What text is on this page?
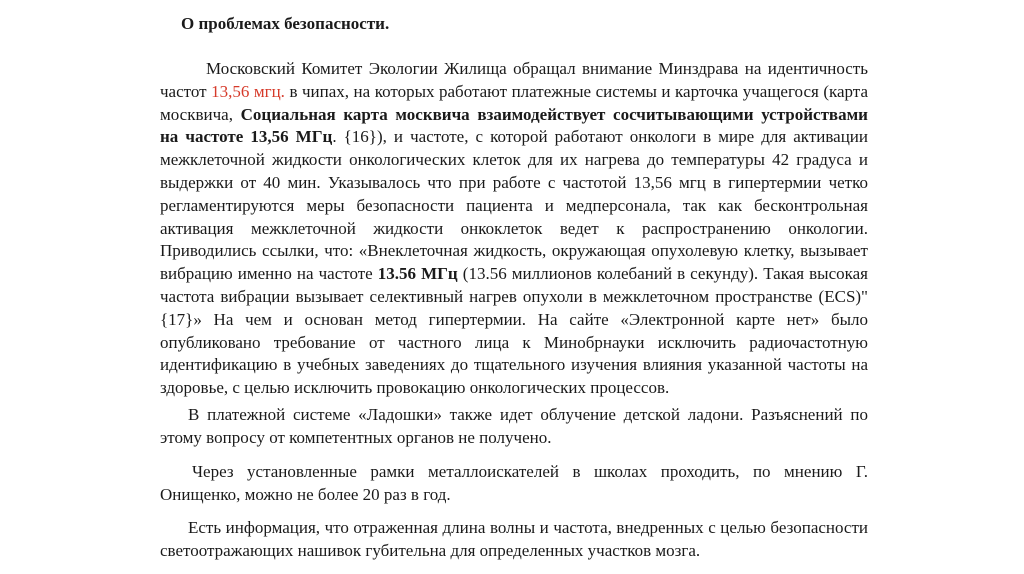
О проблемах безопасности.

Московский Комитет Экологии Жилища обращал внимание Минздрава на идентичность частот 13,56 мгц. в чипах, на которых работают платежные системы и карточка учащегося (карта москвича, Социальная карта москвича взаимодействует сосчитывающими устройствами на частоте 13,56 МГц. {16}), и частоте, с которой работают онкологи в мире для активации межклеточной жидкости онкологических клеток для их нагрева до температуры 42 градуса и выдержки от 40 мин. Указывалось что при работе с частотой 13,56 мгц в гипертермии четко регламентируются меры безопасности пациента и медперсонала, так как бесконтрольная активация межклеточной жидкости онкоклеток ведет к распространению онкологии. Приводились ссылки, что: «Внеклеточная жидкость, окружающая опухолевую клетку, вызывает вибрацию именно на частоте 13.56 МГц (13.56 миллионов колебаний в секунду). Такая высокая частота вибрации вызывает селективный нагрев опухоли в межклеточном пространстве (ECS)"{17}» На чем и основан метод гипертермии. На сайте «Электронной карте нет» было опубликовано требование от частного лица к Минобрнауки исключить радиочастотную идентификацию в учебных заведениях до тщательного изучения влияния указанной частоты на здоровье, с целью исключить провокацию онкологических процессов.

В платежной системе «Ладошки» также идет облучение детской ладони. Разъяснений по этому вопросу от компетентных органов не получено.

Через установленные рамки металлоискателей в школах проходить, по мнению Г. Онищенко, можно не более 20 раз в год.

Есть информация, что отраженная длина волны и частота, внедренных с целью безопасности светоотражающих нашивок губительна для определенных участков мозга.
